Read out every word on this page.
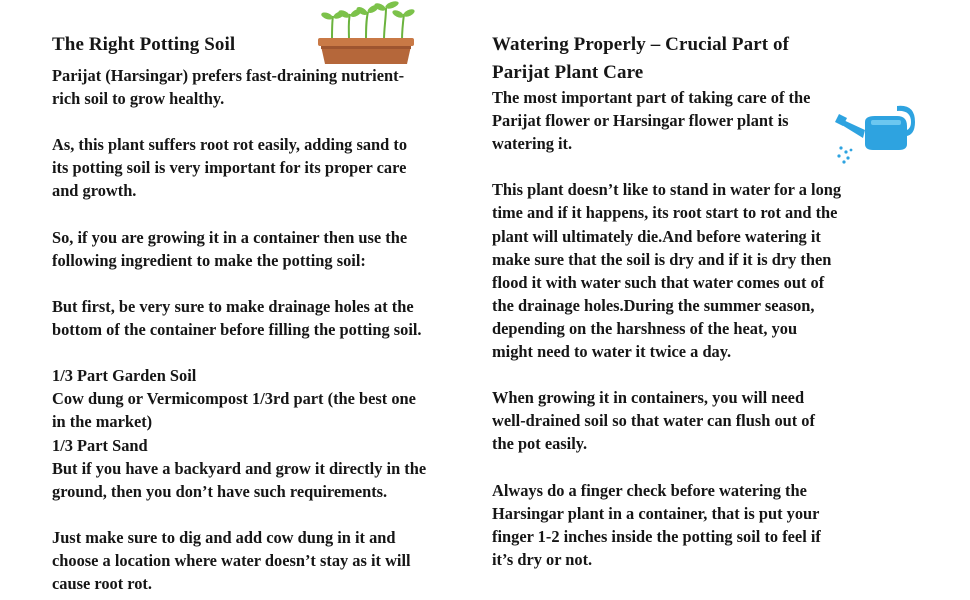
The Right Potting Soil

Parijat (Harsingar) prefers fast-draining nutrient-
rich soil to grow healthy.

As, this plant suffers root rot easily, adding sand to
its potting soil is very important for its proper care
and growth.

So, if you are growing it in a container then use the
following ingredient to make the potting soil:

But first, be very sure to make drainage holes at the
bottom of the container before filling the potting soil.

1/3 Part Garden Soil
Cow dung or Vermicompost 1/3rd part (the best one
in the market)
1/3 Part Sand
But if you have a backyard and grow it directly in the
ground, then you don’t have such requirements.

Just make sure to dig and add cow dung in it and
choose a location where water doesn’t stay as it will
cause root rot.

Watering Properly – Crucial Part of
Parijat Plant Care

The most important part of taking care of the
Parijat flower or Harsingar flower plant is
watering it.

This plant doesn’t like to stand in water for a long
time and if it happens, its root start to rot and the
plant will ultimately die.And before watering it
make sure that the soil is dry and if it is dry then
flood it with water such that water comes out of
the drainage holes.During the summer season,
depending on the harshness of the heat, you
might need to water it twice a day.

When growing it in containers, you will need
well-drained soil so that water can flush out of
the pot easily.

Always do a finger check before watering the
Harsingar plant in a container, that is put your
finger 1-2 inches inside the potting soil to feel if
it’s dry or not.
